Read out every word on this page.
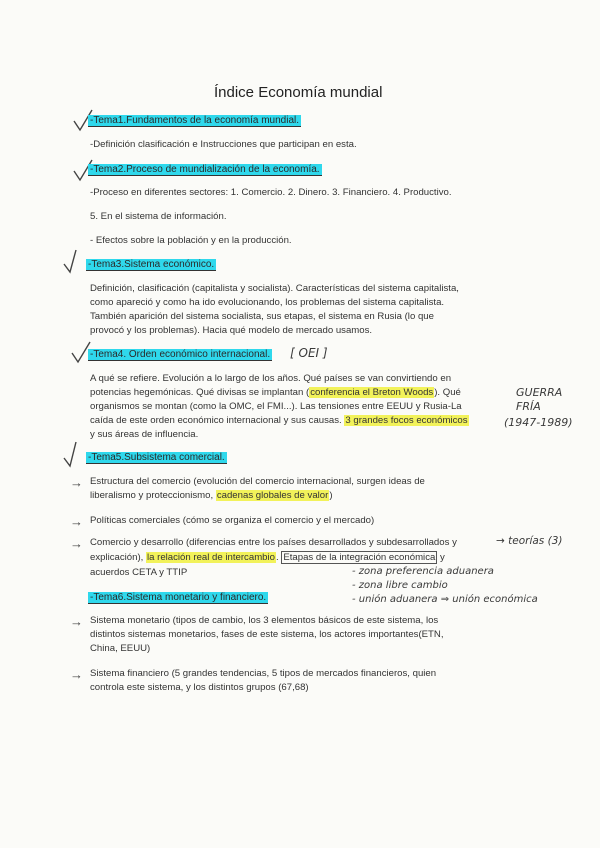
Índice Economía mundial
-Tema1.Fundamentos de la economía mundial.
-Definición clasificación e Instrucciones que participan en esta.
-Tema2.Proceso de mundialización de la economía.
-Proceso en diferentes sectores: 1. Comercio. 2. Dinero. 3. Financiero. 4. Productivo.
5. En el sistema de información.
- Efectos sobre la población y en la producción.
-Tema3.Sistema económico.
Definición, clasificación (capitalista y socialista). Características del sistema capitalista,
como apareció y como ha ido evolucionando, los problemas del sistema capitalista.
También aparición del sistema socialista, sus etapas, el sistema en Rusia (lo que
provocó y los problemas). Hacia qué modelo de mercado usamos.
-Tema4. Orden económico internacional. [ OEI ]
A qué se refiere. Evolución a lo largo de los años. Qué países se van convirtiendo en
potencias hegemónicas. Qué divisas se implantan (conferencia el Breton Woods). Qué
organismos se montan (como la OMC, el FMI...). Las tensiones entre EEUU y Rusia-La
caída de este orden económico internacional y sus causas. 3 grandes focos económicos
y sus áreas de influencia.
GUERRA
FRÍA
(1947-1989)
-Tema5.Subsistema comercial.
→ Estructura del comercio (evolución del comercio internacional, surgen ideas de
liberalismo y proteccionismo, cadenas globales de valor)
→ Políticas comerciales (cómo se organiza el comercio y el mercado)
→ Comercio y desarrollo (diferencias entre los países desarrollados y subdesarrollados y	→ teorías (3)
explicación), la relación real de intercambio. Etapas de la integración económica y
acuerdos CETA y TTIP	- zona preferencia aduanera
- zona libre cambio
- unión aduanera ⇒ unión económica
-Tema6.Sistema monetario y financiero.
→ Sistema monetario (tipos de cambio, los 3 elementos básicos de este sistema, los
distintos sistemas monetarios, fases de este sistema, los actores importantes(ETN,
China, EEUU)
→ Sistema financiero (5 grandes tendencias, 5 tipos de mercados financieros, quien
controla este sistema, y los distintos grupos (67,68)
